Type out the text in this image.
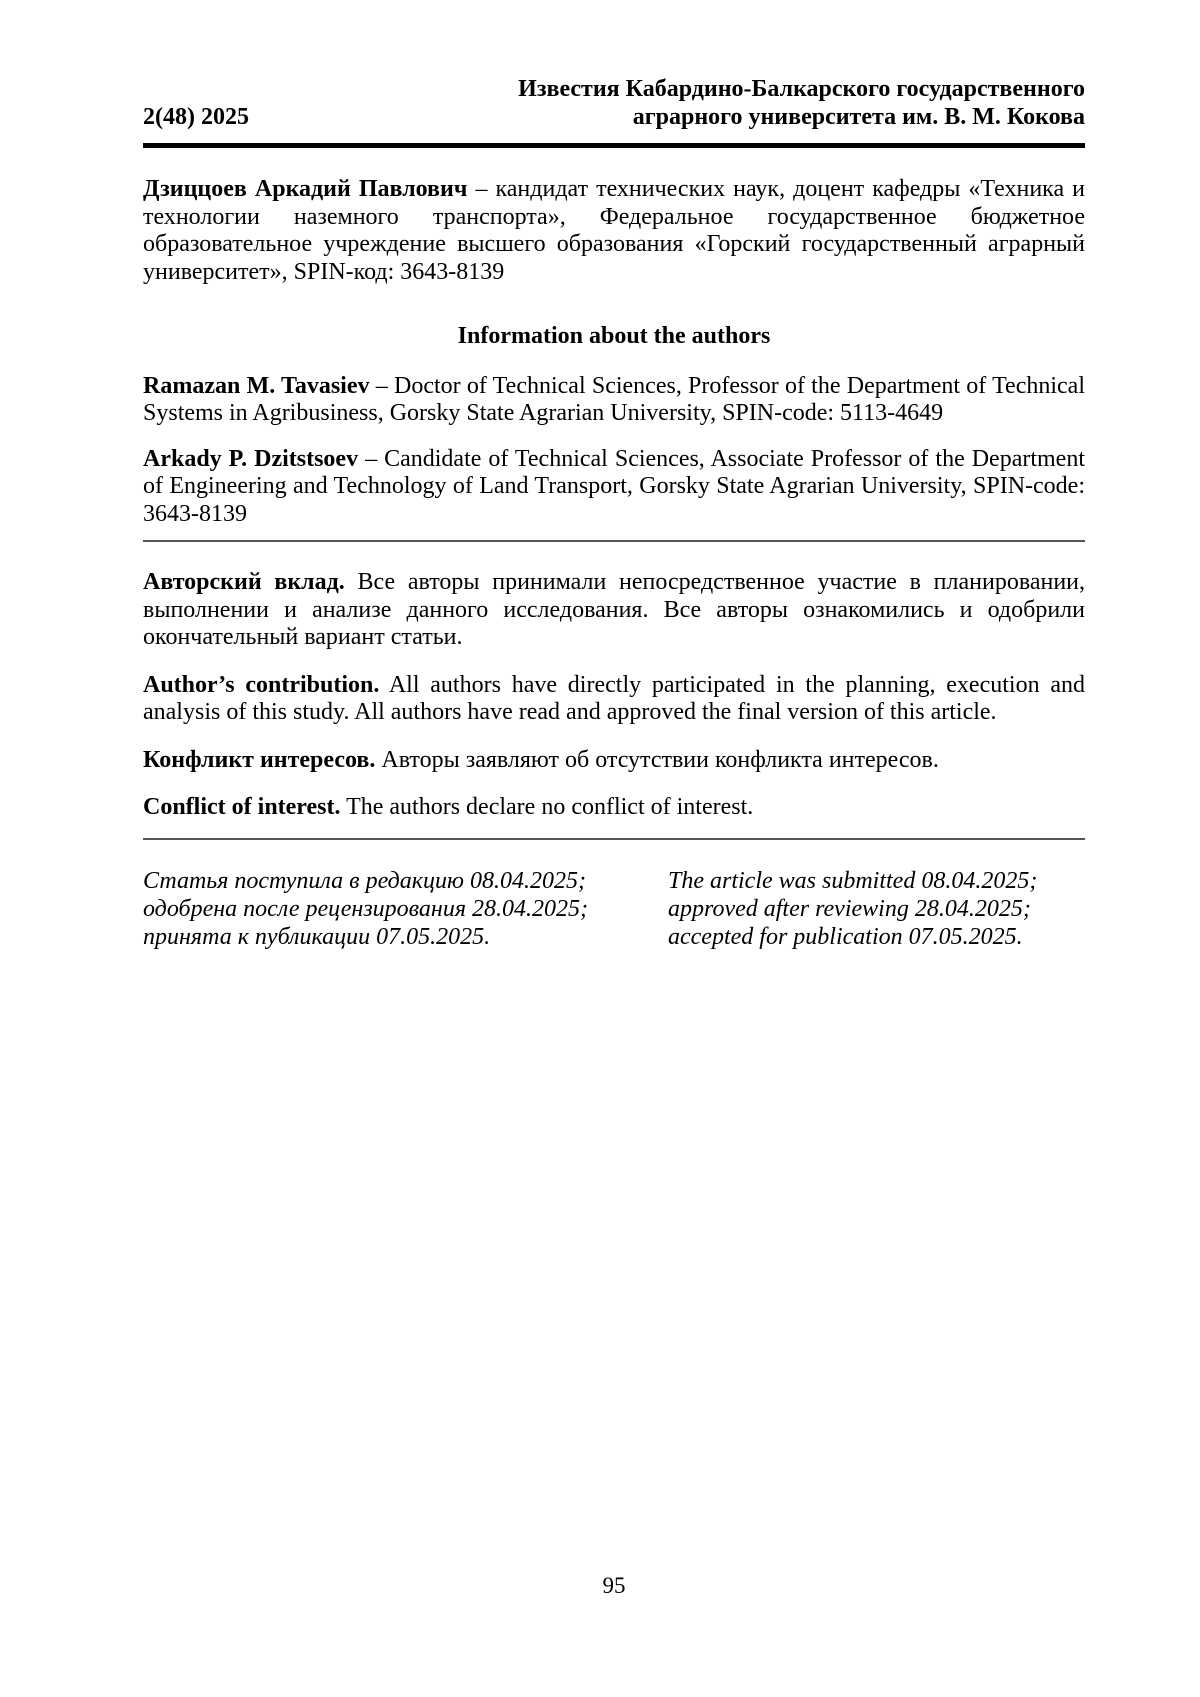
2(48) 2025
Известия Кабардино-Балкарского государственного
аграрного университета им. В. М. Кокова

Дзиццоев Аркадий Павлович – кандидат технических наук, доцент кафедры «Техника и технологии наземного транспорта», Федеральное государственное бюджетное образовательное учреждение высшего образования «Горский государственный аграрный университет», SPIN-код: 3643-8139

Information about the authors

Ramazan M. Tavasiev – Doctor of Technical Sciences, Professor of the Department of Technical Systems in Agribusiness, Gorsky State Agrarian University, SPIN-code: 5113-4649

Arkady P. Dzitstsoev – Candidate of Technical Sciences, Associate Professor of the Department of Engineering and Technology of Land Transport, Gorsky State Agrarian University, SPIN-code: 3643-8139

Авторский вклад. Все авторы принимали непосредственное участие в планировании, выполнении и анализе данного исследования. Все авторы ознакомились и одобрили окончательный вариант статьи.

Author’s contribution. All authors have directly participated in the planning, execution and analysis of this study. All authors have read and approved the final version of this article.

Конфликт интересов. Авторы заявляют об отсутствии конфликта интересов.

Conflict of interest. The authors declare no conflict of interest.

Статья поступила в редакцию 08.04.2025;
одобрена после рецензирования 28.04.2025;
принята к публикации 07.05.2025.
The article was submitted 08.04.2025;
approved after reviewing 28.04.2025;
accepted for publication 07.05.2025.
95
